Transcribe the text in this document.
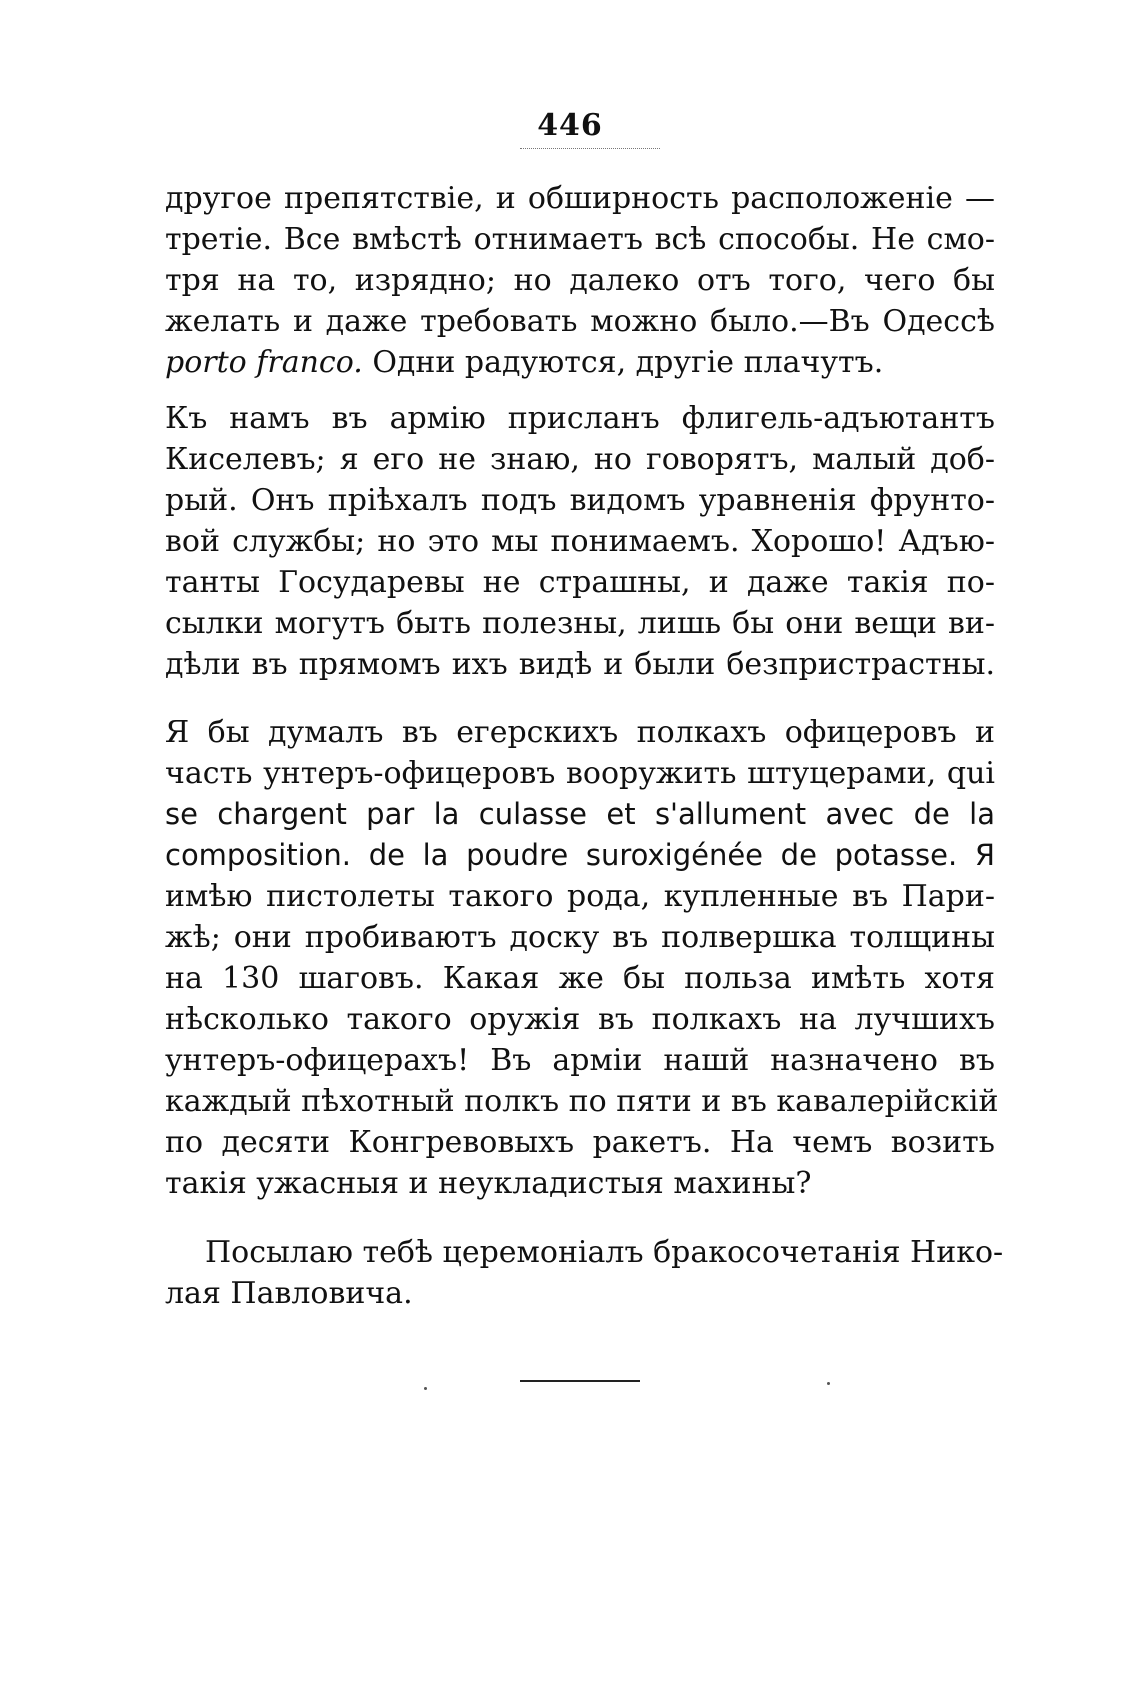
446
другое препятствіе, и обширность расположеніе —
третіе. Все вмѣстѣ отнимаетъ всѣ способы. Не смо-
тря на то, изрядно; но далеко отъ того, чего бы
желать и даже требовать можно было.—Въ Одессѣ
porto franco. Одни радуются, другіе плачутъ.
Къ намъ въ армію присланъ флигель-адъютантъ
Киселевъ; я его не знаю, но говорятъ, малый доб-
рый. Онъ пріѣхалъ подъ видомъ уравненія фрунто-
вой службы; но это мы понимаемъ. Хорошо! Адъю-
танты Государевы не страшны, и даже такія по-
сылки могутъ быть полезны, лишь бы они вещи ви-
дѣли въ прямомъ ихъ видѣ и были безпристрастны.
Я бы думалъ въ егерскихъ полкахъ офицеровъ и
часть унтеръ-офицеровъ вооружить штуцерами, qui
se chargent par la culasse et s'allument avec de la
composition. de la poudre suroxigénée de potasse. Я
имѣю пистолеты такого рода, купленные въ Пари-
жѣ; они пробиваютъ доску въ полвершка толщины
на 130 шаговъ. Какая же бы польза имѣть хотя
нѣсколько такого оружія въ полкахъ на лучшихъ
унтеръ-офицерахъ! Въ арміи нашй назначено въ
каждый пѣхотный полкъ по пяти и въ кавалерійскій
по десяти Конгревовыхъ ракетъ. На чемъ возить
такія ужасныя и неукладистыя махины?
Посылаю тебѣ церемоніалъ бракосочетанія Нико-
лая Павловича.
